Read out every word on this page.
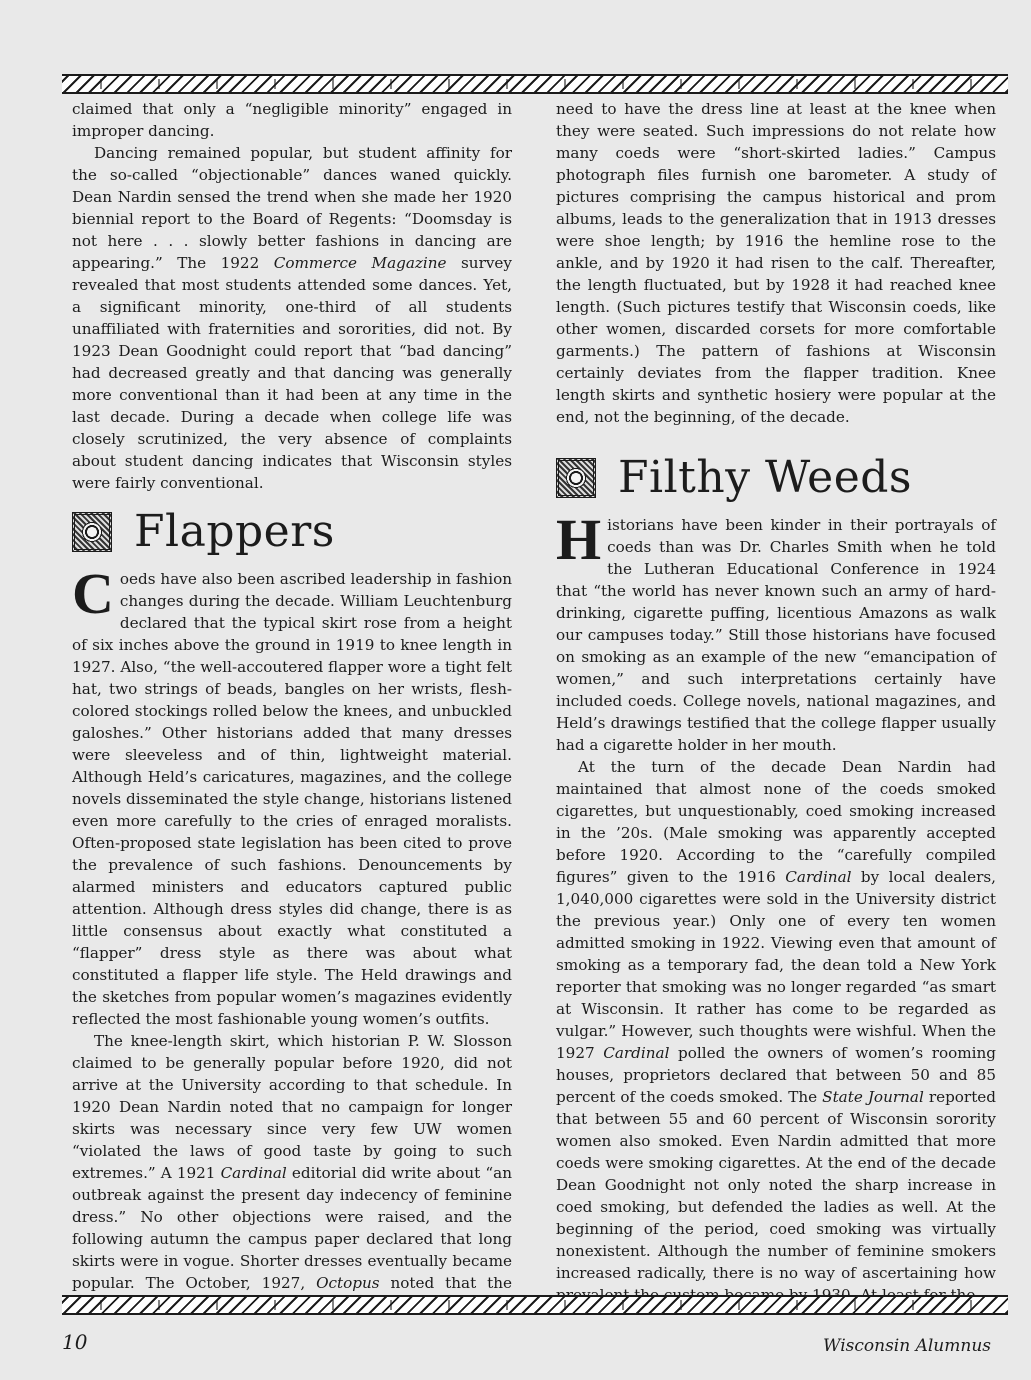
claimed that only a “negligible minority” engaged in improper dancing.

Dancing remained popular, but student affinity for the so-called “objectionable” dances waned quickly. Dean Nardin sensed the trend when she made her 1920 biennial report to the Board of Regents: “Doomsday is not here . . . slowly better fashions in dancing are appearing.” The 1922 Commerce Magazine survey revealed that most students attended some dances. Yet, a significant minority, one-third of all students unaffiliated with fraternities and sororities, did not. By 1923 Dean Goodnight could report that “bad dancing” had decreased greatly and that dancing was generally more conventional than it had been at any time in the last decade. During a decade when college life was closely scrutinized, the very absence of complaints about student dancing indicates that Wisconsin styles were fairly conventional.

Flappers

Coeds have also been ascribed leadership in fashion changes during the decade. William Leuchtenburg declared that the typical skirt rose from a height of six inches above the ground in 1919 to knee length in 1927. Also, “the well-accoutered flapper wore a tight felt hat, two strings of beads, bangles on her wrists, flesh-colored stockings rolled below the knees, and unbuckled galoshes.” Other historians added that many dresses were sleeveless and of thin, lightweight material. Although Held’s caricatures, magazines, and the college novels disseminated the style change, historians listened even more carefully to the cries of enraged moralists. Often-proposed state legislation has been cited to prove the prevalence of such fashions. Denouncements by alarmed ministers and educators captured public attention. Although dress styles did change, there is as little consensus about exactly what constituted a “flapper” dress style as there was about what constituted a flapper life style. The Held drawings and the sketches from popular women’s magazines evidently reflected the most fashionable young women’s outfits.

The knee-length skirt, which historian P. W. Slosson claimed to be generally popular before 1920, did not arrive at the University according to that schedule. In 1920 Dean Nardin noted that no campaign for longer skirts was necessary since very few UW women “violated the laws of good taste by going to such extremes.” A 1921 Cardinal editorial did write about “an outbreak against the present day indecency of feminine dress.” No other objections were raised, and the following autumn the campus paper declared that long skirts were in vogue. Shorter dresses eventually became popular. The October, 1927, Octopus noted that the

need to have the dress line at least at the knee when they were seated. Such impressions do not relate how many coeds were “short-skirted ladies.” Campus photograph files furnish one barometer. A study of pictures comprising the campus historical and prom albums, leads to the generalization that in 1913 dresses were shoe length; by 1916 the hemline rose to the ankle, and by 1920 it had risen to the calf. Thereafter, the length fluctuated, but by 1928 it had reached knee length. (Such pictures testify that Wisconsin coeds, like other women, discarded corsets for more comfortable garments.) The pattern of fashions at Wisconsin certainly deviates from the flapper tradition. Knee length skirts and synthetic hosiery were popular at the end, not the beginning, of the decade.

Filthy Weeds

Historians have been kinder in their portrayals of coeds than was Dr. Charles Smith when he told the Lutheran Educational Conference in 1924 that “the world has never known such an army of hard-drinking, cigarette puffing, licentious Amazons as walk our campuses today.” Still those historians have focused on smoking as an example of the new “emancipation of women,” and such interpretations certainly have included coeds. College novels, national magazines, and Held’s drawings testified that the college flapper usually had a cigarette holder in her mouth.

At the turn of the decade Dean Nardin had maintained that almost none of the coeds smoked cigarettes, but unquestionably, coed smoking increased in the ’20s. (Male smoking was apparently accepted before 1920. According to the “carefully compiled figures” given to the 1916 Cardinal by local dealers, 1,040,000 cigarettes were sold in the University district the previous year.) Only one of every ten women admitted smoking in 1922. Viewing even that amount of smoking as a temporary fad, the dean told a New York reporter that smoking was no longer regarded “as smart at Wisconsin. It rather has come to be regarded as vulgar.” However, such thoughts were wishful. When the 1927 Cardinal polled the owners of women’s rooming houses, proprietors declared that between 50 and 85 percent of the coeds smoked. The State Journal reported that between 55 and 60 percent of Wisconsin sorority women also smoked. Even Nardin admitted that more coeds were smoking cigarettes. At the end of the decade Dean Goodnight not only noted the sharp increase in coed smoking, but defended the ladies as well. At the beginning of the period, coed smoking was virtually nonexistent. Although the number of feminine smokers increased radically, there is no way of ascertaining how

10	Wisconsin Alumnus
